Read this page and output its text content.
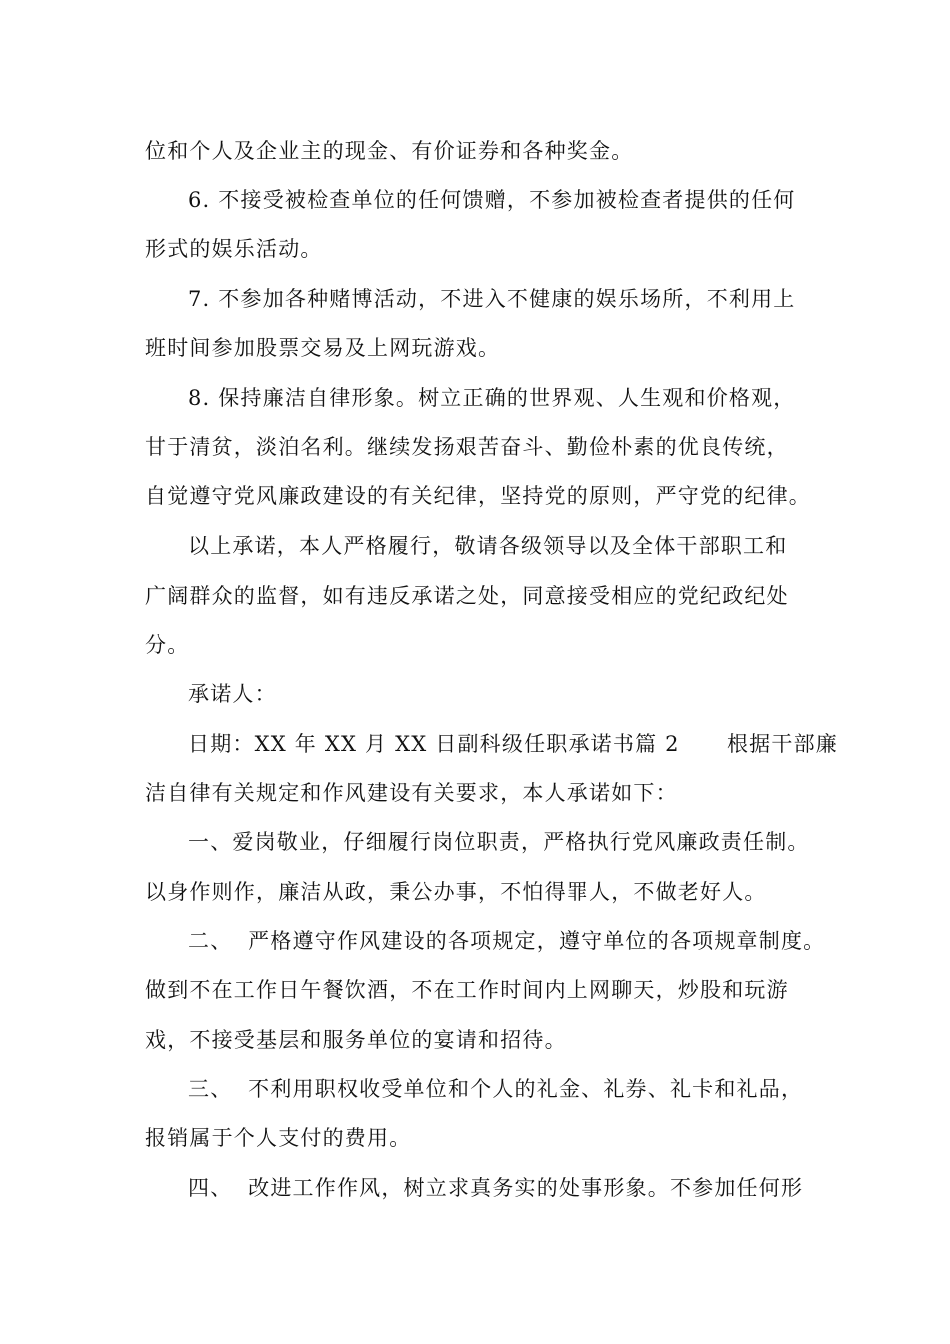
位和个人及企业主的现金、有价证券和各种奖金。
6. 不接受被检查单位的任何馈赠，不参加被检查者提供的任何
形式的娱乐活动。
7. 不参加各种赌博活动，不进入不健康的娱乐场所，不利用上
班时间参加股票交易及上网玩游戏。
8. 保持廉洁自律形象。树立正确的世界观、人生观和价格观，
甘于清贫，淡泊名利。继续发扬艰苦奋斗、勤俭朴素的优良传统，
自觉遵守党风廉政建设的有关纪律，坚持党的原则，严守党的纪律。
以上承诺，本人严格履行，敬请各级领导以及全体干部职工和
广阔群众的监督，如有违反承诺之处，同意接受相应的党纪政纪处
分。
承诺人：
日期：XX 年 XX 月 XX 日副科级任职承诺书篇 2      根据干部廉
洁自律有关规定和作风建设有关要求，本人承诺如下：
一、爱岗敬业，仔细履行岗位职责，严格执行党风廉政责任制。
以身作则作，廉洁从政，秉公办事，不怕得罪人，不做老好人。
二、  严格遵守作风建设的各项规定，遵守单位的各项规章制度。
做到不在工作日午餐饮酒，不在工作时间内上网聊天，炒股和玩游
戏，不接受基层和服务单位的宴请和招待。
三、  不利用职权收受单位和个人的礼金、礼券、礼卡和礼品，
报销属于个人支付的费用。
四、  改进工作作风，树立求真务实的处事形象。不参加任何形
